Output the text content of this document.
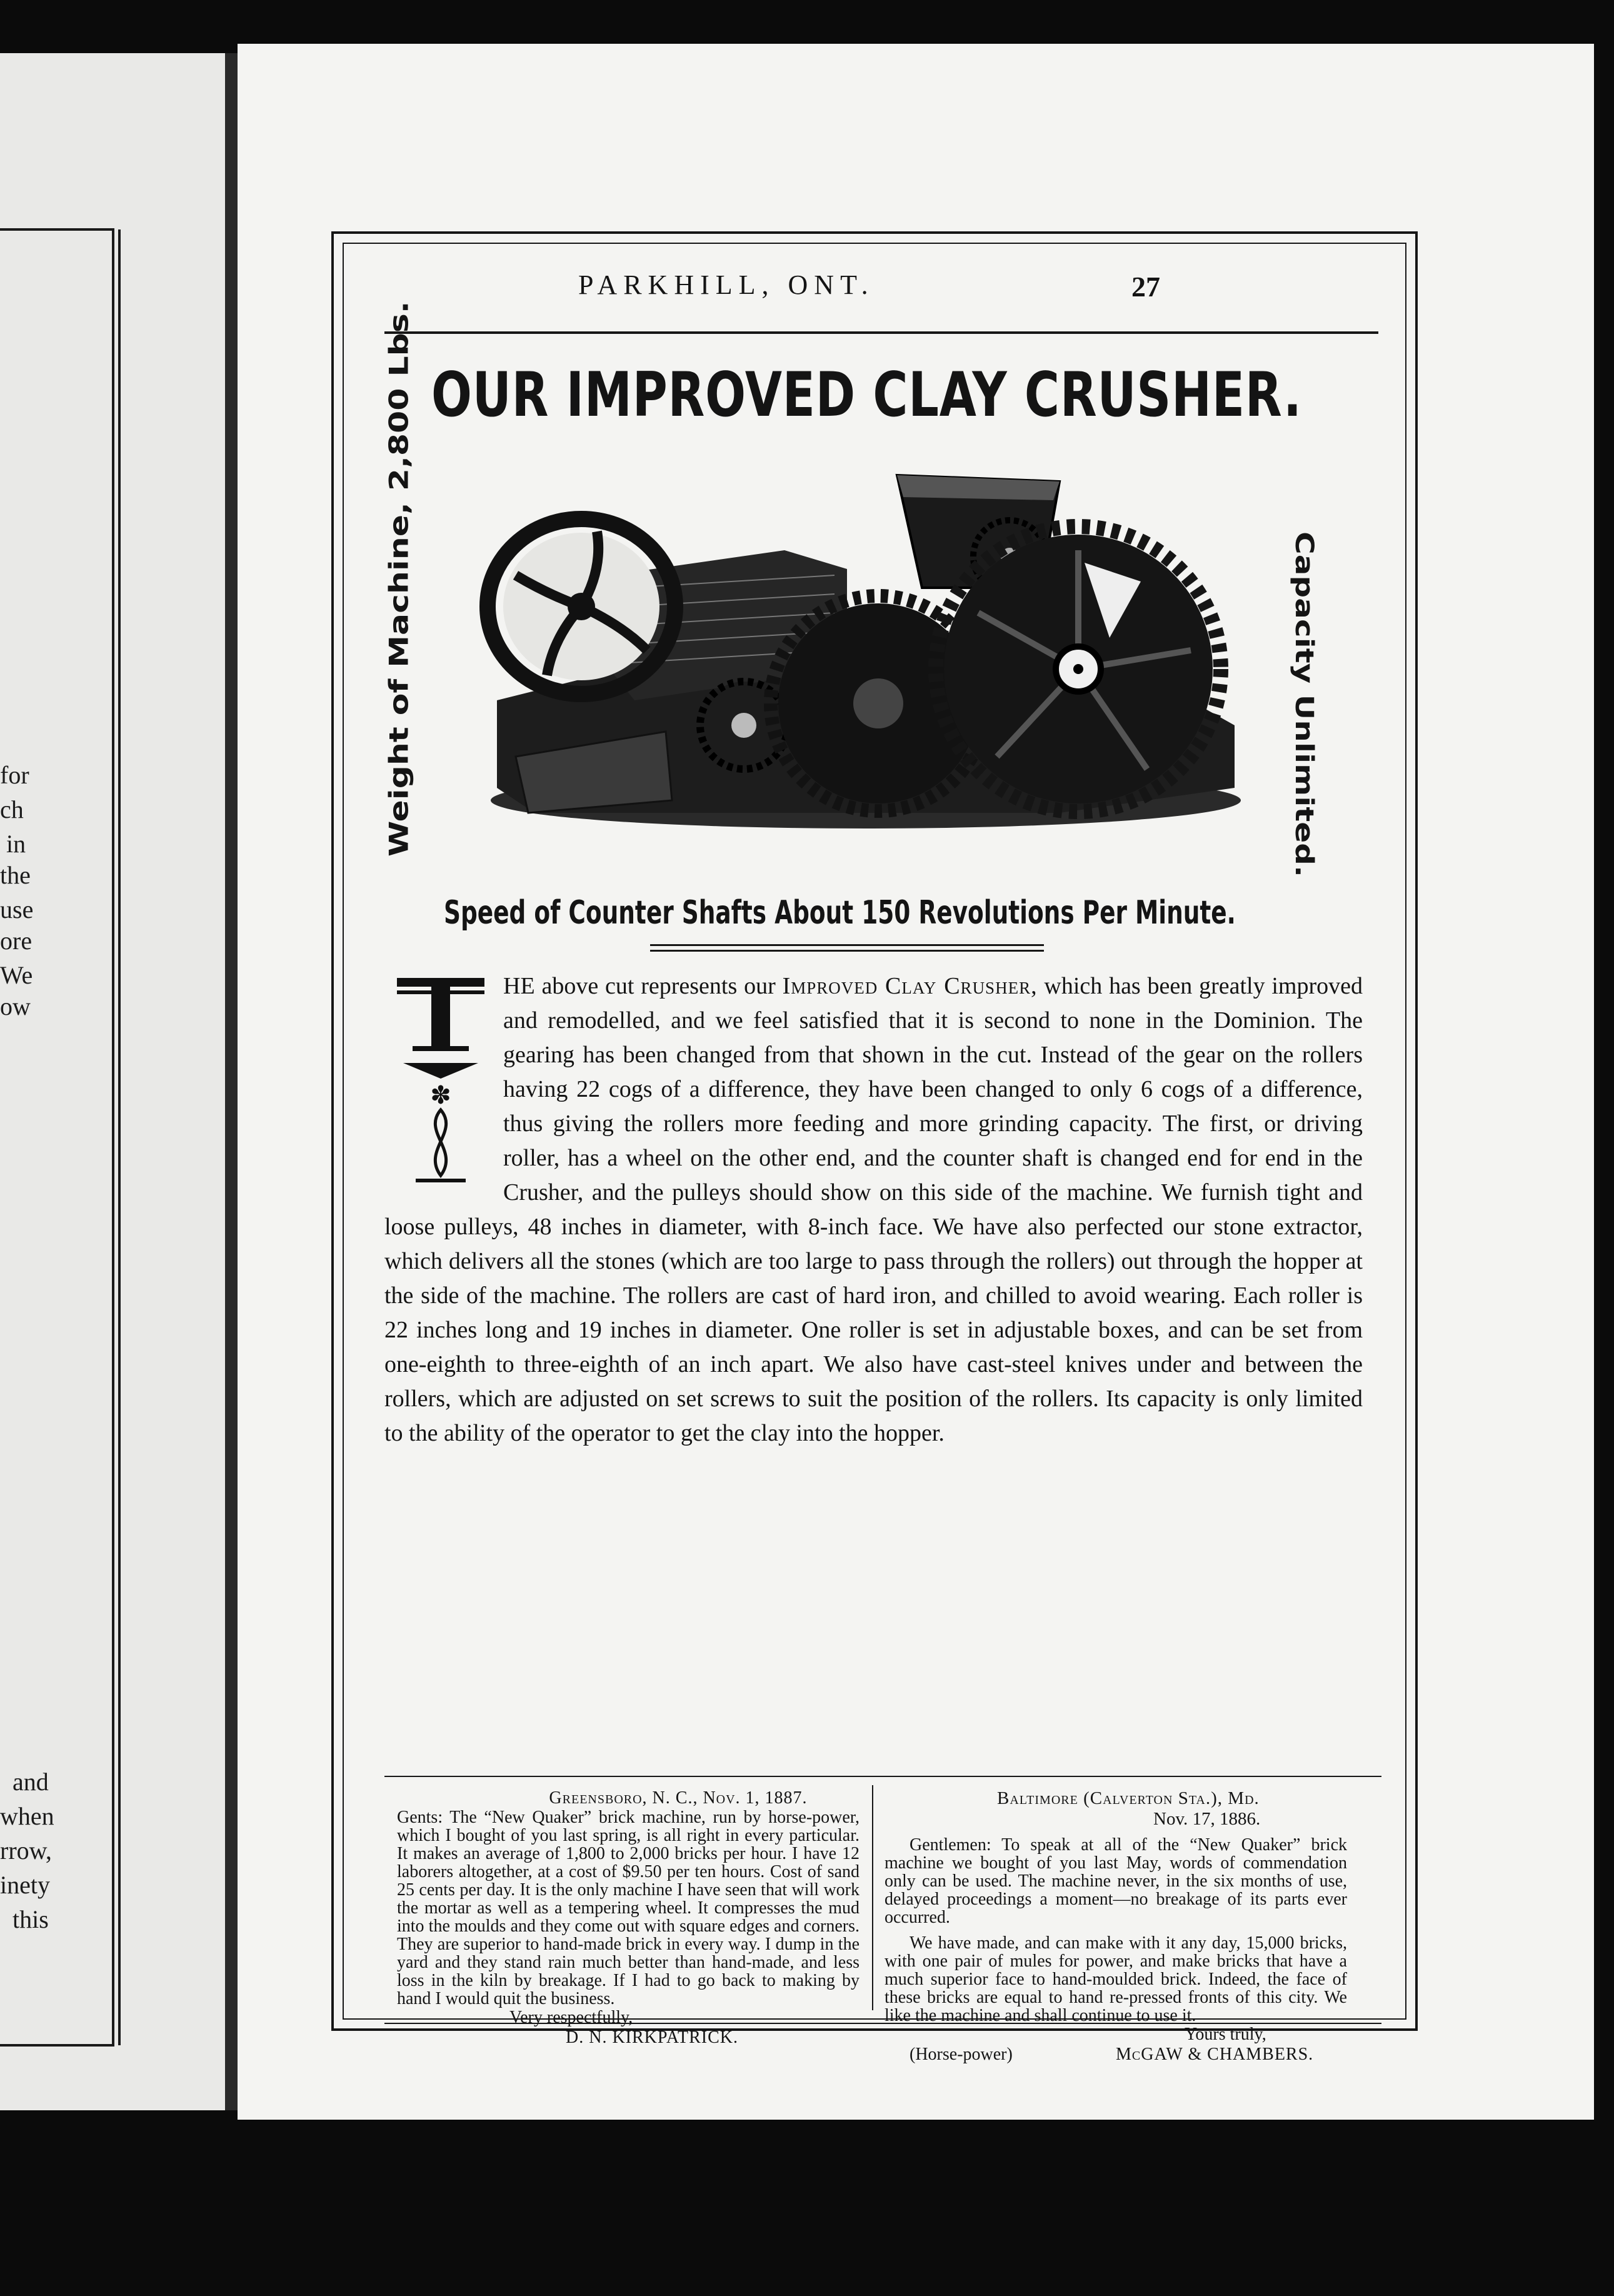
for
ch
in
the
use
ore
We
ow
and
when
rrow,
inety
this
PARKHILL, ONT.	27
OUR IMPROVED CLAY CRUSHER.
Weight of Machine, 2,800 Lbs.	Capacity Unlimited.
Speed of Counter Shafts About 150 Revolutions Per Minute.
✽
HE above cut represents our Improved Clay Crusher, which has been greatly improved and remodelled, and we feel satisfied that it is second to none in the Dominion. The gearing has been changed from that shown in the cut. Instead of the gear on the rollers having 22 cogs of a difference, they have been changed to only 6 cogs of a difference, thus giving the rollers more feeding and more grinding capacity. The first, or driving roller, has a wheel on the other end, and the counter shaft is changed end for end in the Crusher, and the pulleys should show on this side of the machine. We furnish tight and loose pulleys, 48 inches in diameter, with 8-inch face. We have also perfected our stone extractor, which delivers all the stones (which are too large to pass through the rollers) out through the hopper at the side of the machine. The rollers are cast of hard iron, and chilled to avoid wearing. Each roller is 22 inches long and 19 inches in diameter. One roller is set in adjustable boxes, and can be set from one-eighth to three-eighth of an inch apart. We also have cast-steel knives under and between the rollers, which are adjusted on set screws to suit the position of the rollers. Its capacity is only limited to the ability of the operator to get the clay into the hopper.
Greensboro, N. C., Nov. 1, 1887.
Gents: The “New Quaker” brick machine, run by horse-power, which I bought of you last spring, is all right in every particular. It makes an average of 1,800 to 2,000 bricks per hour. I have 12 laborers altogether, at a cost of $9.50 per ten hours. Cost of sand 25 cents per day. It is the only machine I have seen that will work the mortar as well as a tempering wheel. It compresses the mud into the moulds and they come out with square edges and corners. They are superior to hand-made brick in every way. I dump in the yard and they stand rain much better than hand-made, and less loss in the kiln by breakage. If I had to go back to making by hand I would quit the business.
Very respectfully,
D. N. KIRKPATRICK.
Baltimore (Calverton Sta.), Md.
Nov. 17, 1886.
Gentlemen: To speak at all of the “New Quaker” brick machine we bought of you last May, words of commendation only can be used. The machine never, in the six months of use, delayed proceedings a moment—no breakage of its parts ever occurred.
We have made, and can make with it any day, 15,000 bricks, with one pair of mules for power, and make bricks that have a much superior face to hand-moulded brick. Indeed, the face of these bricks are equal to hand re-pressed fronts of this city. We like the machine and shall continue to use it.
Yours truly,
(Horse-power)	McGAW & CHAMBERS.
